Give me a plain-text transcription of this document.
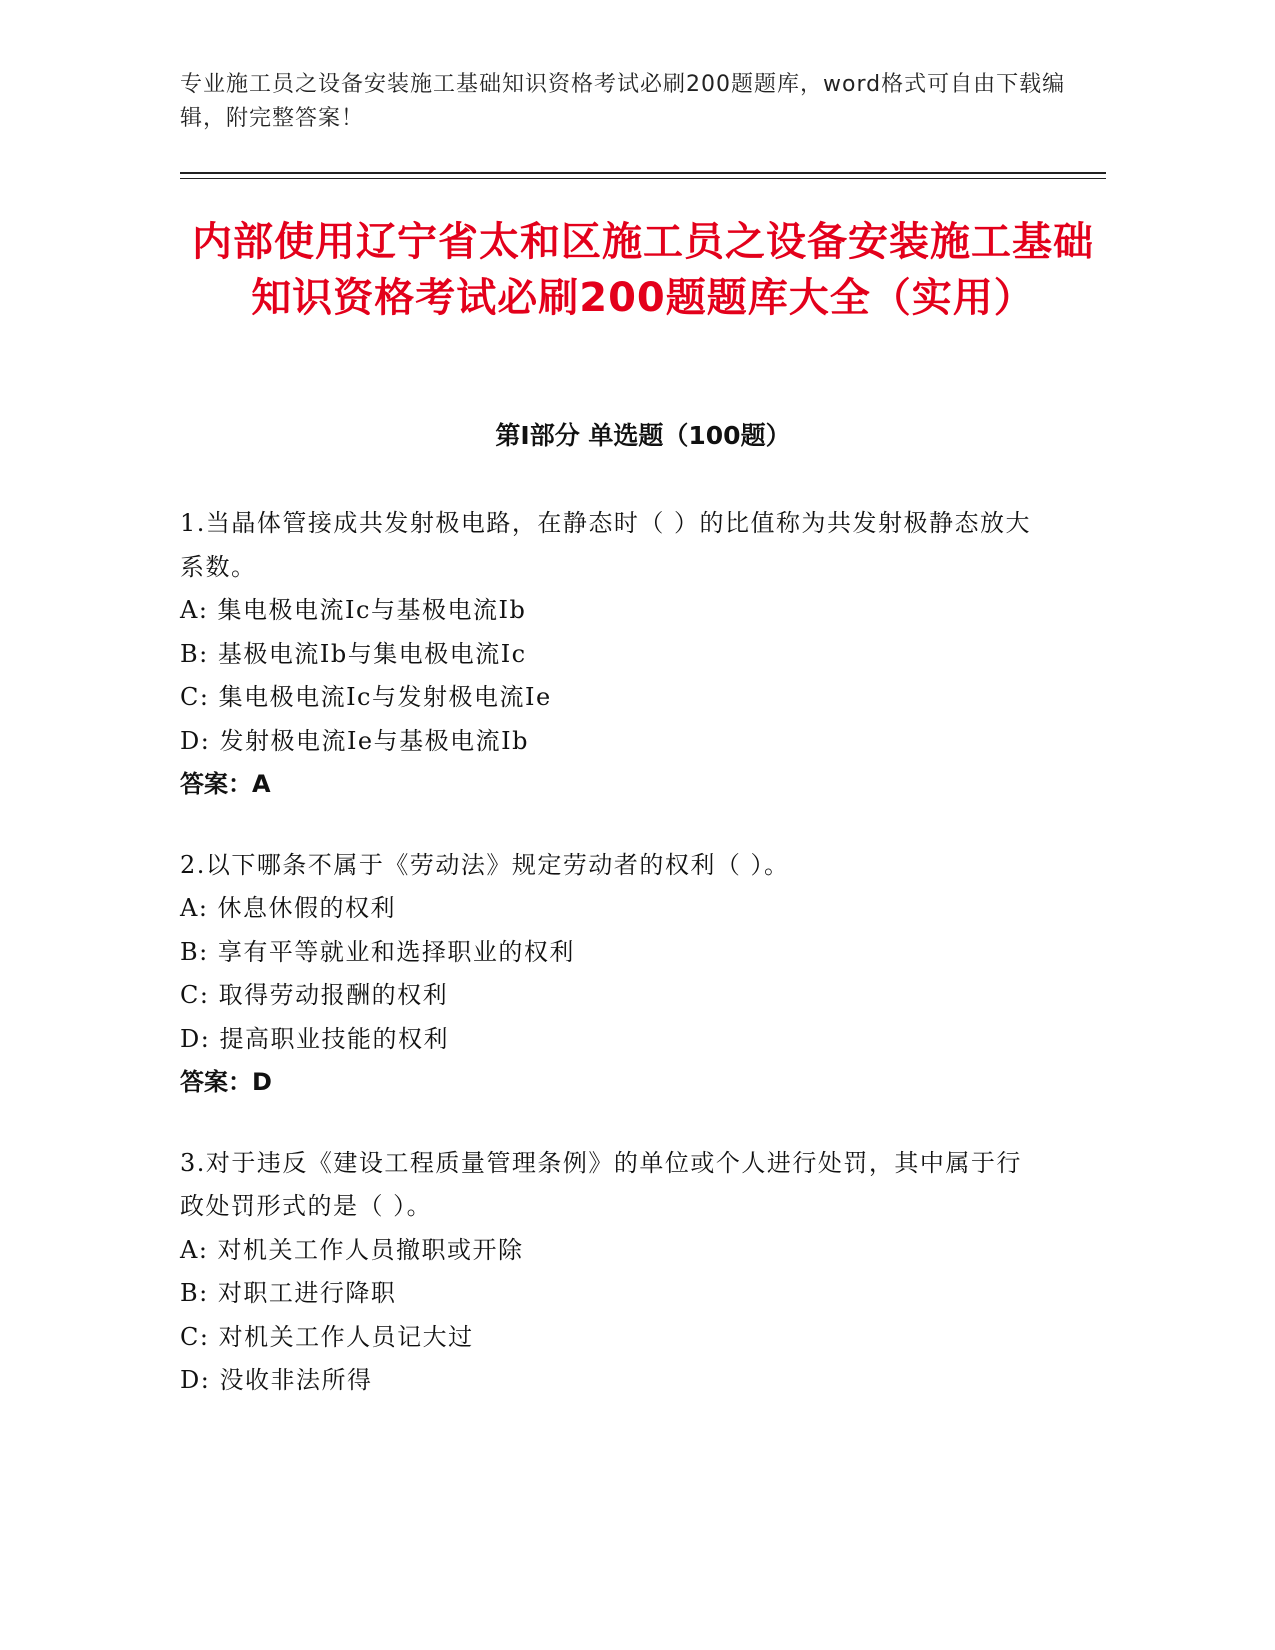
专业施工员之设备安装施工基础知识资格考试必刷200题题库，word格式可自由下载编辑，附完整答案！
内部使用辽宁省太和区施工员之设备安装施工基础知识资格考试必刷200题题库大全（实用）
第I部分 单选题（100题）
1.当晶体管接成共发射极电路，在静态时（ ）的比值称为共发射极静态放大系数。
A: 集电极电流Ic与基极电流Ib
B: 基极电流Ib与集电极电流Ic
C: 集电极电流Ic与发射极电流Ie
D: 发射极电流Ie与基极电流Ib
答案：A
2.以下哪条不属于《劳动法》规定劳动者的权利（ ）。
A: 休息休假的权利
B: 享有平等就业和选择职业的权利
C: 取得劳动报酬的权利
D: 提高职业技能的权利
答案：D
3.对于违反《建设工程质量管理条例》的单位或个人进行处罚，其中属于行政处罚形式的是（ ）。
A: 对机关工作人员撤职或开除
B: 对职工进行降职
C: 对机关工作人员记大过
D: 没收非法所得
